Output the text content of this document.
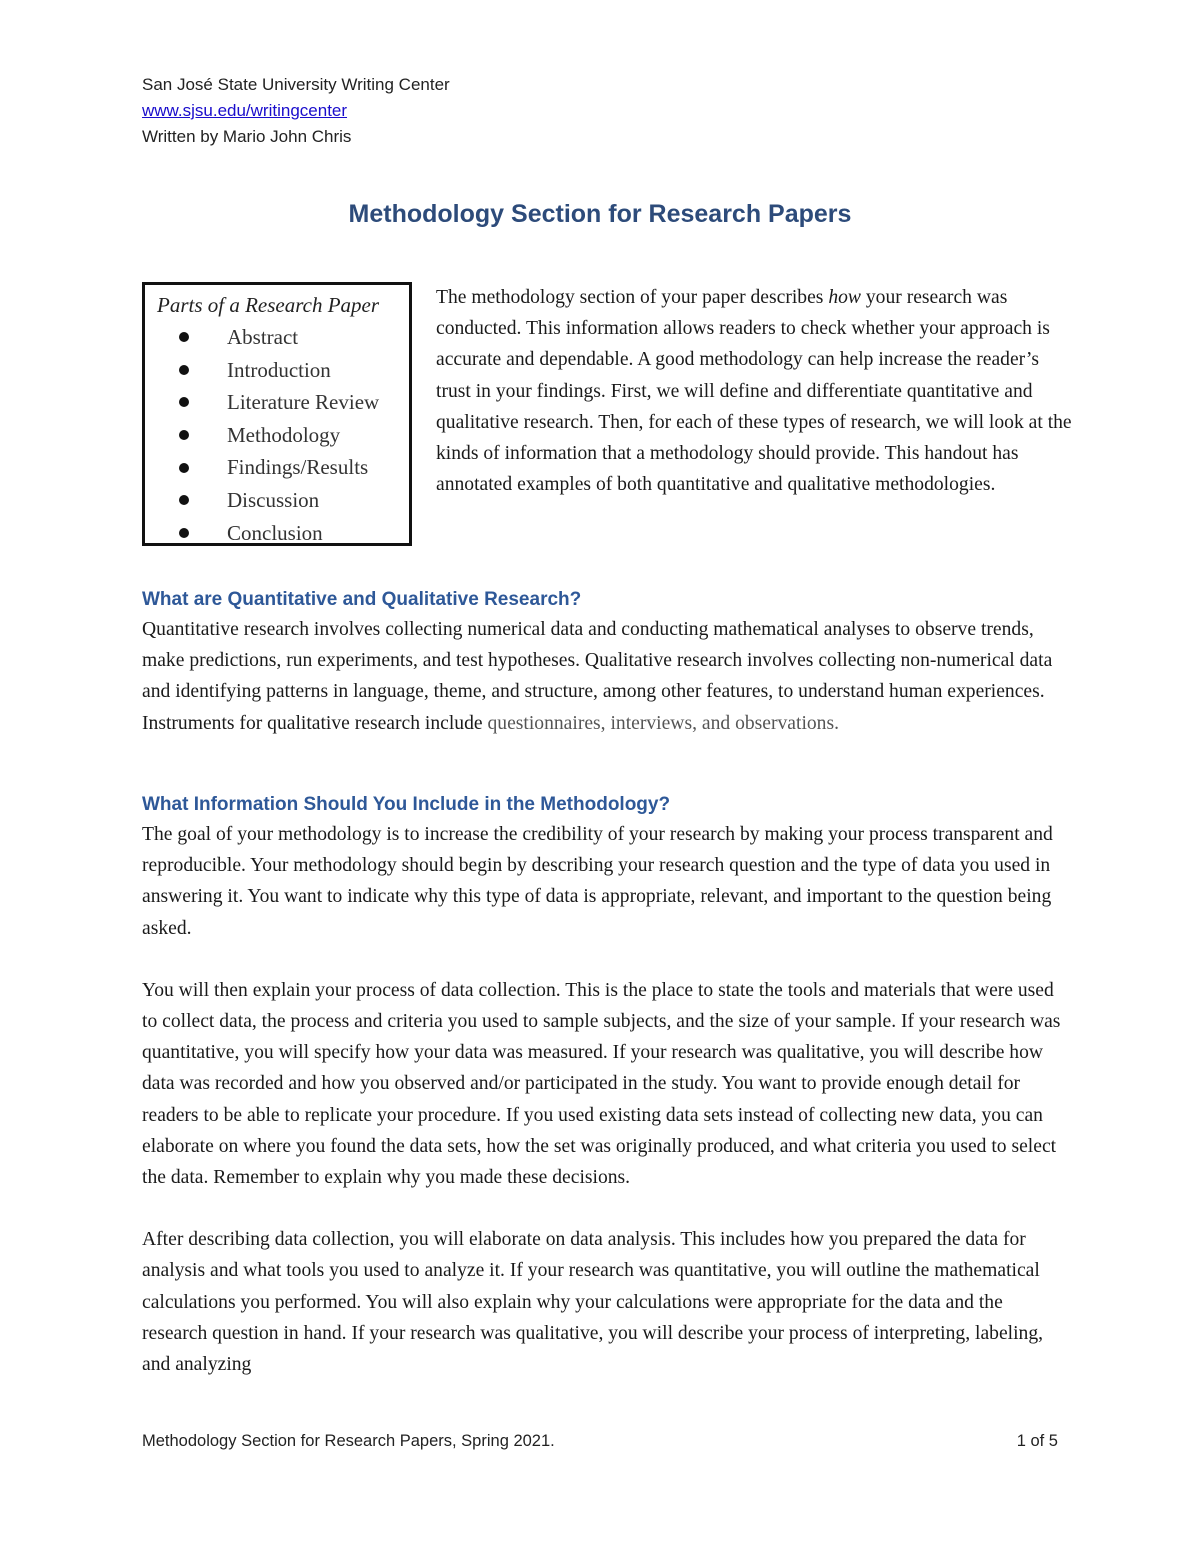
San José State University Writing Center
www.sjsu.edu/writingcenter
Written by Mario John Chris
Methodology Section for Research Papers
Parts of a Research Paper
Abstract
Introduction
Literature Review
Methodology
Findings/Results
Discussion
Conclusion
The methodology section of your paper describes how your research was conducted. This information allows readers to check whether your approach is accurate and dependable. A good methodology can help increase the reader’s trust in your findings. First, we will define and differentiate quantitative and qualitative research. Then, for each of these types of research, we will look at the kinds of information that a methodology should provide. This handout has annotated examples of both quantitative and qualitative methodologies.
What are Quantitative and Qualitative Research?

Quantitative research involves collecting numerical data and conducting mathematical analyses to observe trends, make predictions, run experiments, and test hypotheses. Qualitative research involves collecting non-numerical data and identifying patterns in language, theme, and structure, among other features, to understand human experiences. Instruments for qualitative research include questionnaires, interviews, and observations.

What Information Should You Include in the Methodology?

The goal of your methodology is to increase the credibility of your research by making your process transparent and reproducible. Your methodology should begin by describing your research question and the type of data you used in answering it. You want to indicate why this type of data is appropriate, relevant, and important to the question being asked.

You will then explain your process of data collection. This is the place to state the tools and materials that were used to collect data, the process and criteria you used to sample subjects, and the size of your sample. If your research was quantitative, you will specify how your data was measured. If your research was qualitative, you will describe how data was recorded and how you observed and/or participated in the study. You want to provide enough detail for readers to be able to replicate your procedure. If you used existing data sets instead of collecting new data, you can elaborate on where you found the data sets, how the set was originally produced, and what criteria you used to select the data. Remember to explain why you made these decisions.

After describing data collection, you will elaborate on data analysis. This includes how you prepared the data for analysis and what tools you used to analyze it. If your research was quantitative, you will outline the mathematical calculations you performed. You will also explain why your calculations were appropriate for the data and the research question in hand. If your research was qualitative, you will describe your process of interpreting, labeling, and analyzing

Methodology Section for Research Papers, Spring 2021.	1 of 5
